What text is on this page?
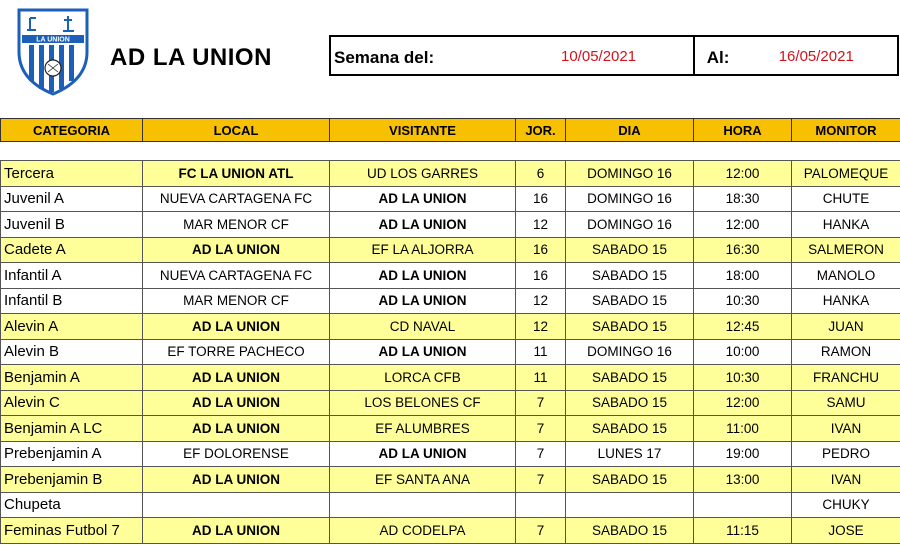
LA UNION
AD LA UNION	Semana del:	10/05/2021	Al:	16/05/2021
CATEGORIA	LOCAL	VISITANTE	JOR.	DIA	HORA	MONITOR

Tercera	FC LA UNION ATL	UD LOS GARRES	6	DOMINGO 16	12:00	PALOMEQUE
Juvenil A	NUEVA CARTAGENA FC	AD LA UNION	16	DOMINGO 16	18:30	CHUTE
Juvenil B	MAR MENOR CF	AD LA UNION	12	DOMINGO 16	12:00	HANKA
Cadete A	AD LA UNION	EF LA ALJORRA	16	SABADO 15	16:30	SALMERON
Infantil A	NUEVA CARTAGENA FC	AD LA UNION	16	SABADO 15	18:00	MANOLO
Infantil B	MAR MENOR CF	AD LA UNION	12	SABADO 15	10:30	HANKA
Alevin A	AD LA UNION	CD NAVAL	12	SABADO 15	12:45	JUAN
Alevin B	EF TORRE PACHECO	AD LA UNION	11	DOMINGO 16	10:00	RAMON
Benjamin A	AD LA UNION	LORCA CFB	11	SABADO 15	10:30	FRANCHU
Alevin C	AD LA UNION	LOS BELONES CF	7	SABADO 15	12:00	SAMU
Benjamin A LC	AD LA UNION	EF ALUMBRES	7	SABADO 15	11:00	IVAN
Prebenjamin A	EF DOLORENSE	AD LA UNION	7	LUNES 17	19:00	PEDRO
Prebenjamin B	AD LA UNION	EF SANTA ANA	7	SABADO 15	13:00	IVAN
Chupeta						CHUKY
Feminas Futbol 7	AD LA UNION	AD CODELPA	7	SABADO 15	11:15	JOSE
